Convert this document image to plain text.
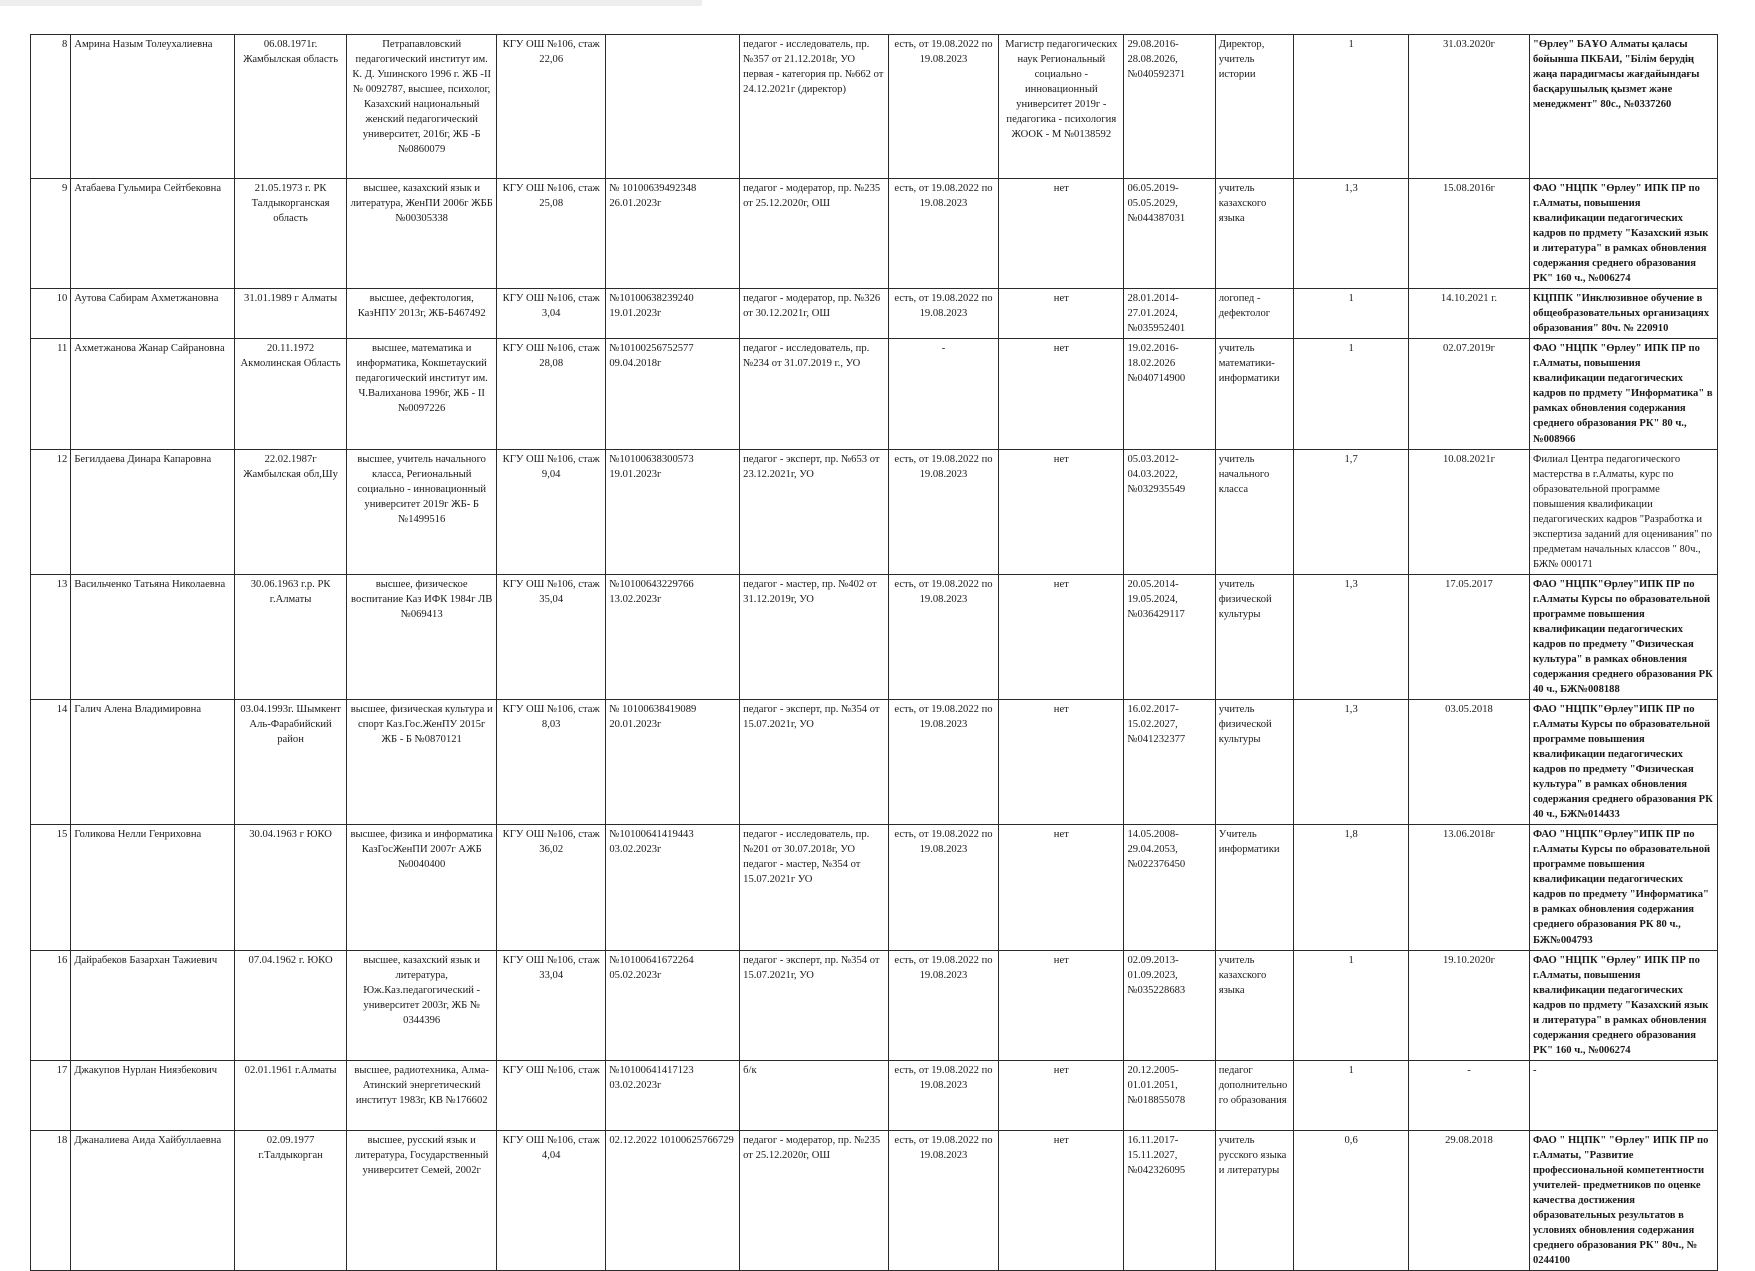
8	Амрина Назым Толеухалиевна	06.08.1971г. Жамбылская область	Петрапавловский педагогический институт им. К. Д. Ушинского 1996 г. ЖБ -II № 0092787, высшее, психолог, Казахский национальный женский педагогический университет, 2016г, ЖБ -Б №0860079	КГУ ОШ №106, стаж 22,06		педагог - исследователь, пр.№357 от 21.12.2018г, УО первая - категория пр. №662 от 24.12.2021г (директор)	есть, от 19.08.2022 по 19.08.2023	Магистр педагогических наук Региональный социально - инновационный университет 2019г - педагогика - психология ЖООК - М №0138592	29.08.2016- 28.08.2026, №040592371	Директор, учитель истории	1	31.03.2020г	"Өрлеу" БАҰО Алматы қаласы бойынша ПКБАИ, "Білім берудің жаңа парадигмасы жағдайындағы басқарушылық қызмет және менеджмент" 80с., №0337260
9	Атабаева Гульмира Сейтбековна	21.05.1973 г. РК Талдыкорганская область	высшее, казахский язык и литература, ЖенПИ 2006г ЖББ №00305338	КГУ ОШ №106, стаж 25,08	№ 10100639492348 26.01.2023г	педагог - модератор, пр. №235 от 25.12.2020г, ОШ	есть, от 19.08.2022 по 19.08.2023	нет	06.05.2019- 05.05.2029, №044387031	учитель казахского языка	1,3	15.08.2016г	ФАО "НЦПК "Өрлеу" ИПК ПР по г.Алматы, повышения квалификации педагогических кадров по прдмету "Казахский язык и литература" в рамках обновления содержания среднего образования РК" 160 ч., №006274
10	Аутова Сабирам Ахметжановна	31.01.1989 г Алматы	высшее, дефектология, КазНПУ 2013г, ЖБ-Б467492	КГУ ОШ №106, стаж 3,04	№10100638239240 19.01.2023г	педагог - модератор, пр. №326 от 30.12.2021г, ОШ	есть, от 19.08.2022 по 19.08.2023	нет	28.01.2014- 27.01.2024, №035952401	логопед - дефектолог	1	14.10.2021 г.	КЦППК "Инклюзивное обучение в общеобразовательных организациях образования" 80ч. № 220910
11	Ахметжанова Жанар Сайрановна	20.11.1972 Акмолинская Область	высшее, математика и информатика, Кокшетауский педагогический институт им. Ч.Валиханова 1996г, ЖБ - II №0097226	КГУ ОШ №106, стаж 28,08	№10100256752577 09.04.2018г	педагог - исследователь, пр.№234 от 31.07.2019 г., УО	-	нет	19.02.2016- 18.02.2026 №040714900	учитель математики- информатики	1	02.07.2019г	ФАО "НЦПК "Өрлеу" ИПК ПР по г.Алматы, повышения квалификации педагогических кадров по прдмету "Информатика" в рамках обновления содержания среднего образования РК" 80 ч., №008966
12	Бегилдаева Динара Капаровна	22.02.1987г Жамбылская обл,Шу	высшее, учитель начального класса, Региональный социально - инновационный университет 2019г ЖБ- Б №1499516	КГУ ОШ №106, стаж 9,04	№10100638300573 19.01.2023г	педагог - эксперт, пр. №653 от 23.12.2021г, УО	есть, от 19.08.2022 по 19.08.2023	нет	05.03.2012- 04.03.2022, №032935549	учитель начального класса	1,7	10.08.2021г	Филиал Центра педагогического мастерства в г.Алматы, курс по образовательной программе повышения квалификации педагогических кадров "Разработка и экспертиза заданий для оценивания" по предметам начальных классов " 80ч., БЖ№ 000171
13	Васильченко Татьяна Николаевна	30.06.1963 г.р. РК г.Алматы	высшее, физическое воспитание Каз ИФК 1984г ЛВ №069413	КГУ ОШ №106, стаж 35,04	№10100643229766 13.02.2023г	педагог - мастер, пр. №402 от 31.12.2019г, УО	есть, от 19.08.2022 по 19.08.2023	нет	20.05.2014- 19.05.2024, №036429117	учитель физической культуры	1,3	17.05.2017	ФАО "НЦПК"Өрлеу"ИПК ПР по г.Алматы Курсы по образовательной программе повышения квалификации педагогических кадров по предмету "Физическая культура" в рамках обновления содержания среднего образования РК 40 ч., БЖ№008188
14	Галич Алена Владимировна	03.04.1993г. Шымкент Аль-Фарабийский район	высшее, физическая культура и спорт Каз.Гос.ЖенПУ 2015г ЖБ - Б №0870121	КГУ ОШ №106, стаж 8,03	№ 10100638419089 20.01.2023г	педагог - эксперт, пр. №354 от 15.07.2021г, УО	есть, от 19.08.2022 по 19.08.2023	нет	16.02.2017- 15.02.2027, №041232377	учитель физической культуры	1,3	03.05.2018	ФАО "НЦПК"Өрлеу"ИПК ПР по г.Алматы Курсы по образовательной программе повышения квалификации педагогических кадров по предмету "Физическая культура" в рамках обновления содержания среднего образования РК 40 ч., БЖ№014433
15	Голикова Нелли Генриховна	30.04.1963 г ЮКО	высшее, физика и информатика КазГосЖенПИ 2007г АЖБ №0040400	КГУ ОШ №106, стаж 36,02	№10100641419443 03.02.2023г	педагог - исследователь, пр. №201 от 30.07.2018г, УО педагог - мастер, №354 от 15.07.2021г УО	есть, от 19.08.2022 по 19.08.2023	нет	14.05.2008- 29.04.2053, №022376450	Учитель информатики	1,8	13.06.2018г	ФАО "НЦПК"Өрлеу"ИПК ПР по г.Алматы Курсы по образовательной программе повышения квалификации педагогических кадров по предмету "Информатика" в рамках обновления содержания среднего образования РК 80 ч., БЖ№004793
16	Дайрабеков Базархан Тажиевич	07.04.1962 г. ЮКО	высшее, казахский язык и литература, Юж.Каз.педагогический - университет 2003г, ЖБ № 0344396	КГУ ОШ №106, стаж 33,04	№10100641672264 05.02.2023г	педагог - эксперт, пр. №354 от 15.07.2021г, УО	есть, от 19.08.2022 по 19.08.2023	нет	02.09.2013- 01.09.2023, №035228683	учитель казахского языка	1	19.10.2020г	ФАО "НЦПК "Өрлеу" ИПК ПР по г.Алматы, повышения квалификации педагогических кадров по прдмету "Казахский язык и литература" в рамках обновления содержания среднего образования РК" 160 ч., №006274
17	Джакупов Нурлан Ниязбекович	02.01.1961 г.Алматы	высшее, радиотехника, Алма-Атинский энергетический институт 1983г, КВ №176602	КГУ ОШ №106, стаж	№10100641417123 03.02.2023г	б/к	есть, от 19.08.2022 по 19.08.2023	нет	20.12.2005- 01.01.2051, №018855078	педагог дополнительного образования	1	-	-
18	Джаналиева Аида Хайбуллаевна	02.09.1977 г.Талдыкорган	высшее, русский язык и литература, Государственный университет Семей, 2002г	КГУ ОШ №106, стаж 4,04	02.12.2022 10100625766729	педагог - модератор, пр. №235 от 25.12.2020г, ОШ	есть, от 19.08.2022 по 19.08.2023	нет	16.11.2017- 15.11.2027, №042326095	учитель русского языка и литературы	0,6	29.08.2018	ФАО " НЦПК" "Өрлеу" ИПК ПР по г.Алматы, "Развитие профессиональной компетентности учителей- предметников по оценке качества достижения образовательных результатов в условиях обновления содержания среднего образования РК" 80ч., № 0244100
